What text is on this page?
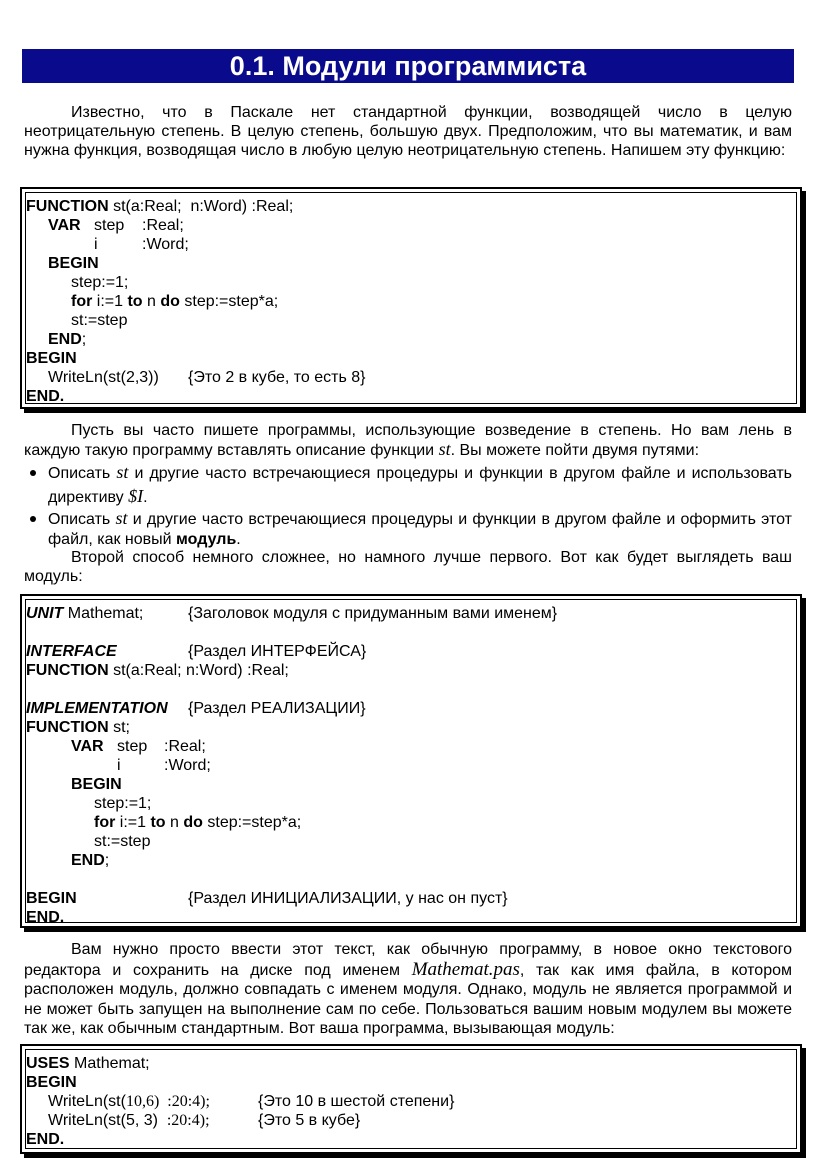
0.1. Модули программиста
Известно, что в Паскале нет стандартной функции, возводящей число в целую неотрицательную степень. В целую степень, большую двух. Предположим, что вы математик, и вам нужна функция, возводящая число в любую целую неотрицательную степень. Напишем эту функцию:
FUNCTION st(a:Real;  n:Word) :Real;
VAR step :Real;
i	:Word;
BEGIN
step:=1;
for i:=1 to n do step:=step*a;
st:=step
END;
BEGIN
WriteLn(st(2,3)) {Это 2 в кубе, то есть 8}
END.
Пусть вы часто пишете программы, использующие возведение в степень. Но вам лень в каждую такую программу вставлять описание функции st. Вы можете пойти двумя путями:
Описать st и другие часто встречающиеся процедуры и функции в другом файле и использовать директиву $I.
Описать st и другие часто встречающиеся процедуры и функции в другом файле и оформить этот файл, как новый модуль.
Второй способ немного сложнее, но намного лучше первого. Вот как будет выглядеть ваш модуль:
UNIT Mathemat;	{Заголовок модуля с придуманным вами именем}
INTERFACE	{Раздел ИНТЕРФЕЙСА}
FUNCTION st(a:Real; n:Word) :Real;
IMPLEMENTATION {Раздел РЕАЛИЗАЦИИ}
FUNCTION st;
VAR step :Real;
i	:Word;
BEGIN
step:=1;
for i:=1 to n do step:=step*a;
st:=step
END;
BEGIN	{Раздел ИНИЦИАЛИЗАЦИИ, у нас он пуст}
END.
Вам нужно просто ввести этот текст, как обычную программу, в новое окно текстового редактора и сохранить на диске под именем Mathemat.pas, так как имя файла, в котором расположен модуль, должно совпадать с именем модуля. Однако, модуль не является программой и не может быть запущен на выполнение сам по себе. Пользоваться вашим новым модулем вы можете так же, как обычным стандартным. Вот ваша программа, вызывающая модуль:
USES Mathemat;
BEGIN
WriteLn(st(10,6)  :20:4);	{Это 10 в шестой степени}
WriteLn(st(5, 3)  :20:4);	{Это 5 в кубе}
END.
